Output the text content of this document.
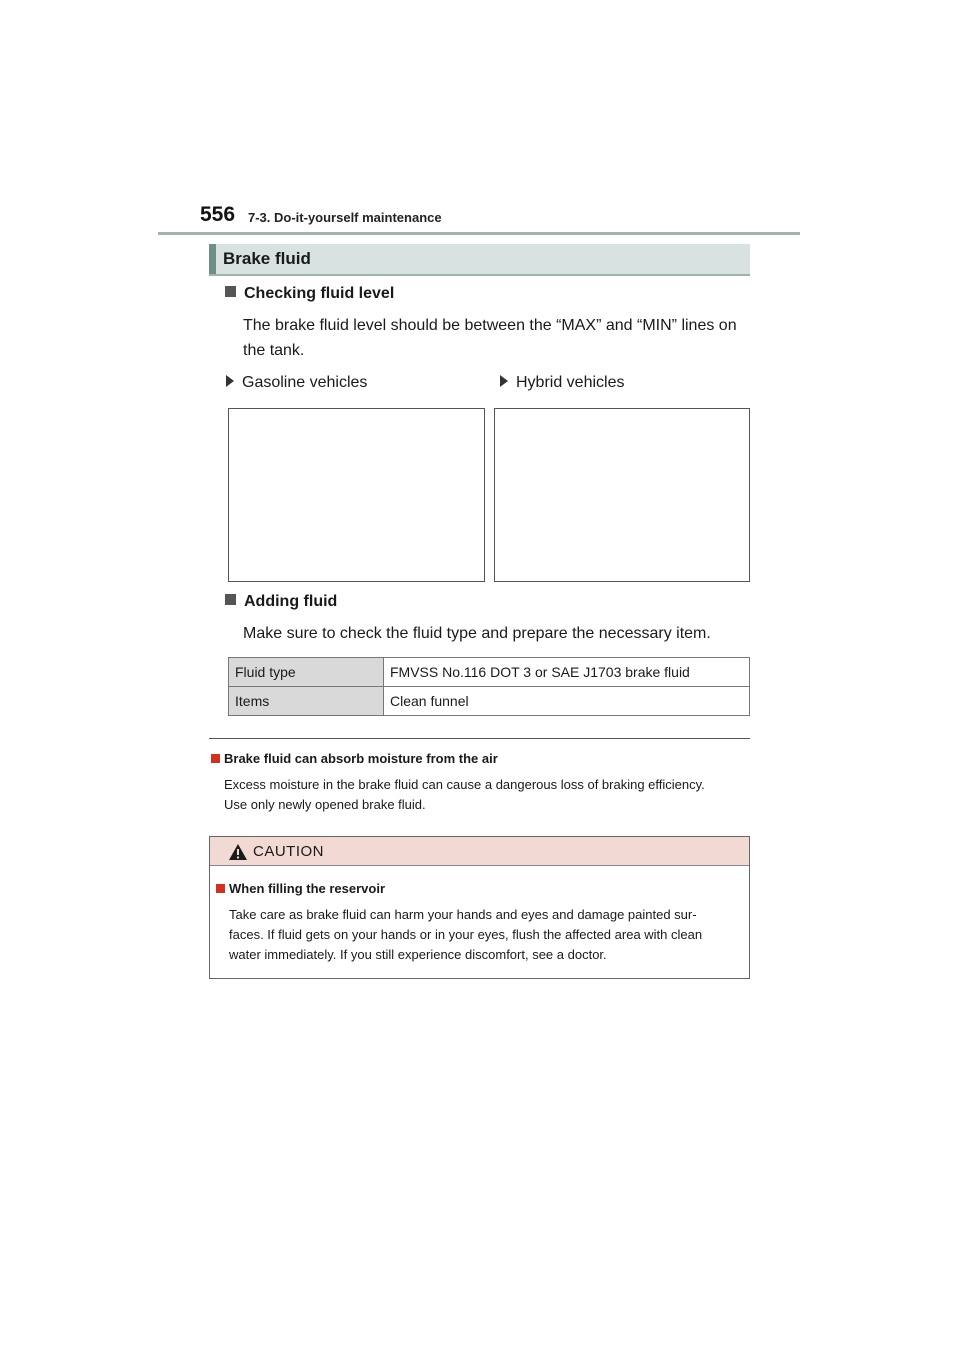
556 7-3. Do-it-yourself maintenance
Brake fluid
Checking fluid level
The brake fluid level should be between the “MAX” and “MIN” lines on
the tank.
Gasoline vehicles	Hybrid vehicles
Adding fluid
Make sure to check the fluid type and prepare the necessary item.
Fluid type	FMVSS No.116 DOT 3 or SAE J1703 brake fluid
Items	Clean funnel
Brake fluid can absorb moisture from the air
Excess moisture in the brake fluid can cause a dangerous loss of braking efficiency.
Use only newly opened brake fluid.
CAUTION
When filling the reservoir
Take care as brake fluid can harm your hands and eyes and damage painted sur-
faces. If fluid gets on your hands or in your eyes, flush the affected area with clean
water immediately. If you still experience discomfort, see a doctor.
